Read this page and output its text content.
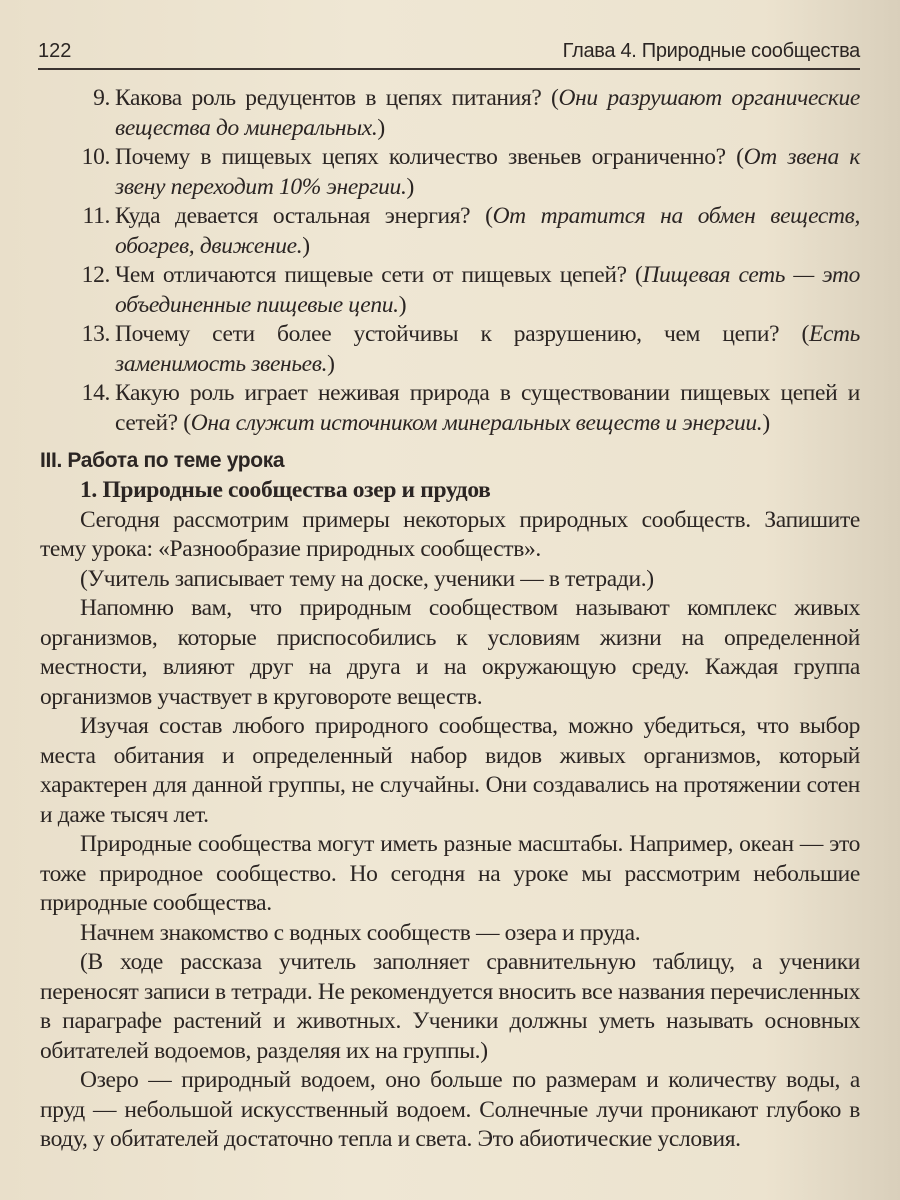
122	Глава 4. Природные сообщества
9. Какова роль редуцентов в цепях питания? (Они разрушают органические вещества до минеральных.)
10. Почему в пищевых цепях количество звеньев ограниченно? (От звена к звену переходит 10% энергии.)
11. Куда девается остальная энергия? (От тратится на обмен веществ, обогрев, движение.)
12. Чем отличаются пищевые сети от пищевых цепей? (Пищевая сеть — это объединенные пищевые цепи.)
13. Почему сети более устойчивы к разрушению, чем цепи? (Есть заменимость звеньев.)
14. Какую роль играет неживая природа в существовании пищевых цепей и сетей? (Она служит источником минеральных веществ и энергии.)
III. Работа по теме урока
1. Природные сообщества озер и прудов

Сегодня рассмотрим примеры некоторых природных сообществ. Запишите тему урока: «Разнообразие природных сообществ».

(Учитель записывает тему на доске, ученики — в тетради.)

Напомню вам, что природным сообществом называют комплекс живых организмов, которые приспособились к условиям жизни на определенной местности, влияют друг на друга и на окружающую среду. Каждая группа организмов участвует в круговороте веществ.

Изучая состав любого природного сообщества, можно убедиться, что выбор места обитания и определенный набор видов живых организмов, который характерен для данной группы, не случайны. Они создавались на протяжении сотен и даже тысяч лет.

Природные сообщества могут иметь разные масштабы. Например, океан — это тоже природное сообщество. Но сегодня на уроке мы рассмотрим небольшие природные сообщества.

Начнем знакомство с водных сообществ — озера и пруда.

(В ходе рассказа учитель заполняет сравнительную таблицу, а ученики переносят записи в тетради. Не рекомендуется вносить все названия перечисленных в параграфе растений и животных. Ученики должны уметь называть основных обитателей водоемов, разделяя их на группы.)

Озеро — природный водоем, оно больше по размерам и количеству воды, а пруд — небольшой искусственный водоем. Солнечные лучи проникают глубоко в воду, у обитателей достаточно тепла и света. Это абиотические условия.
